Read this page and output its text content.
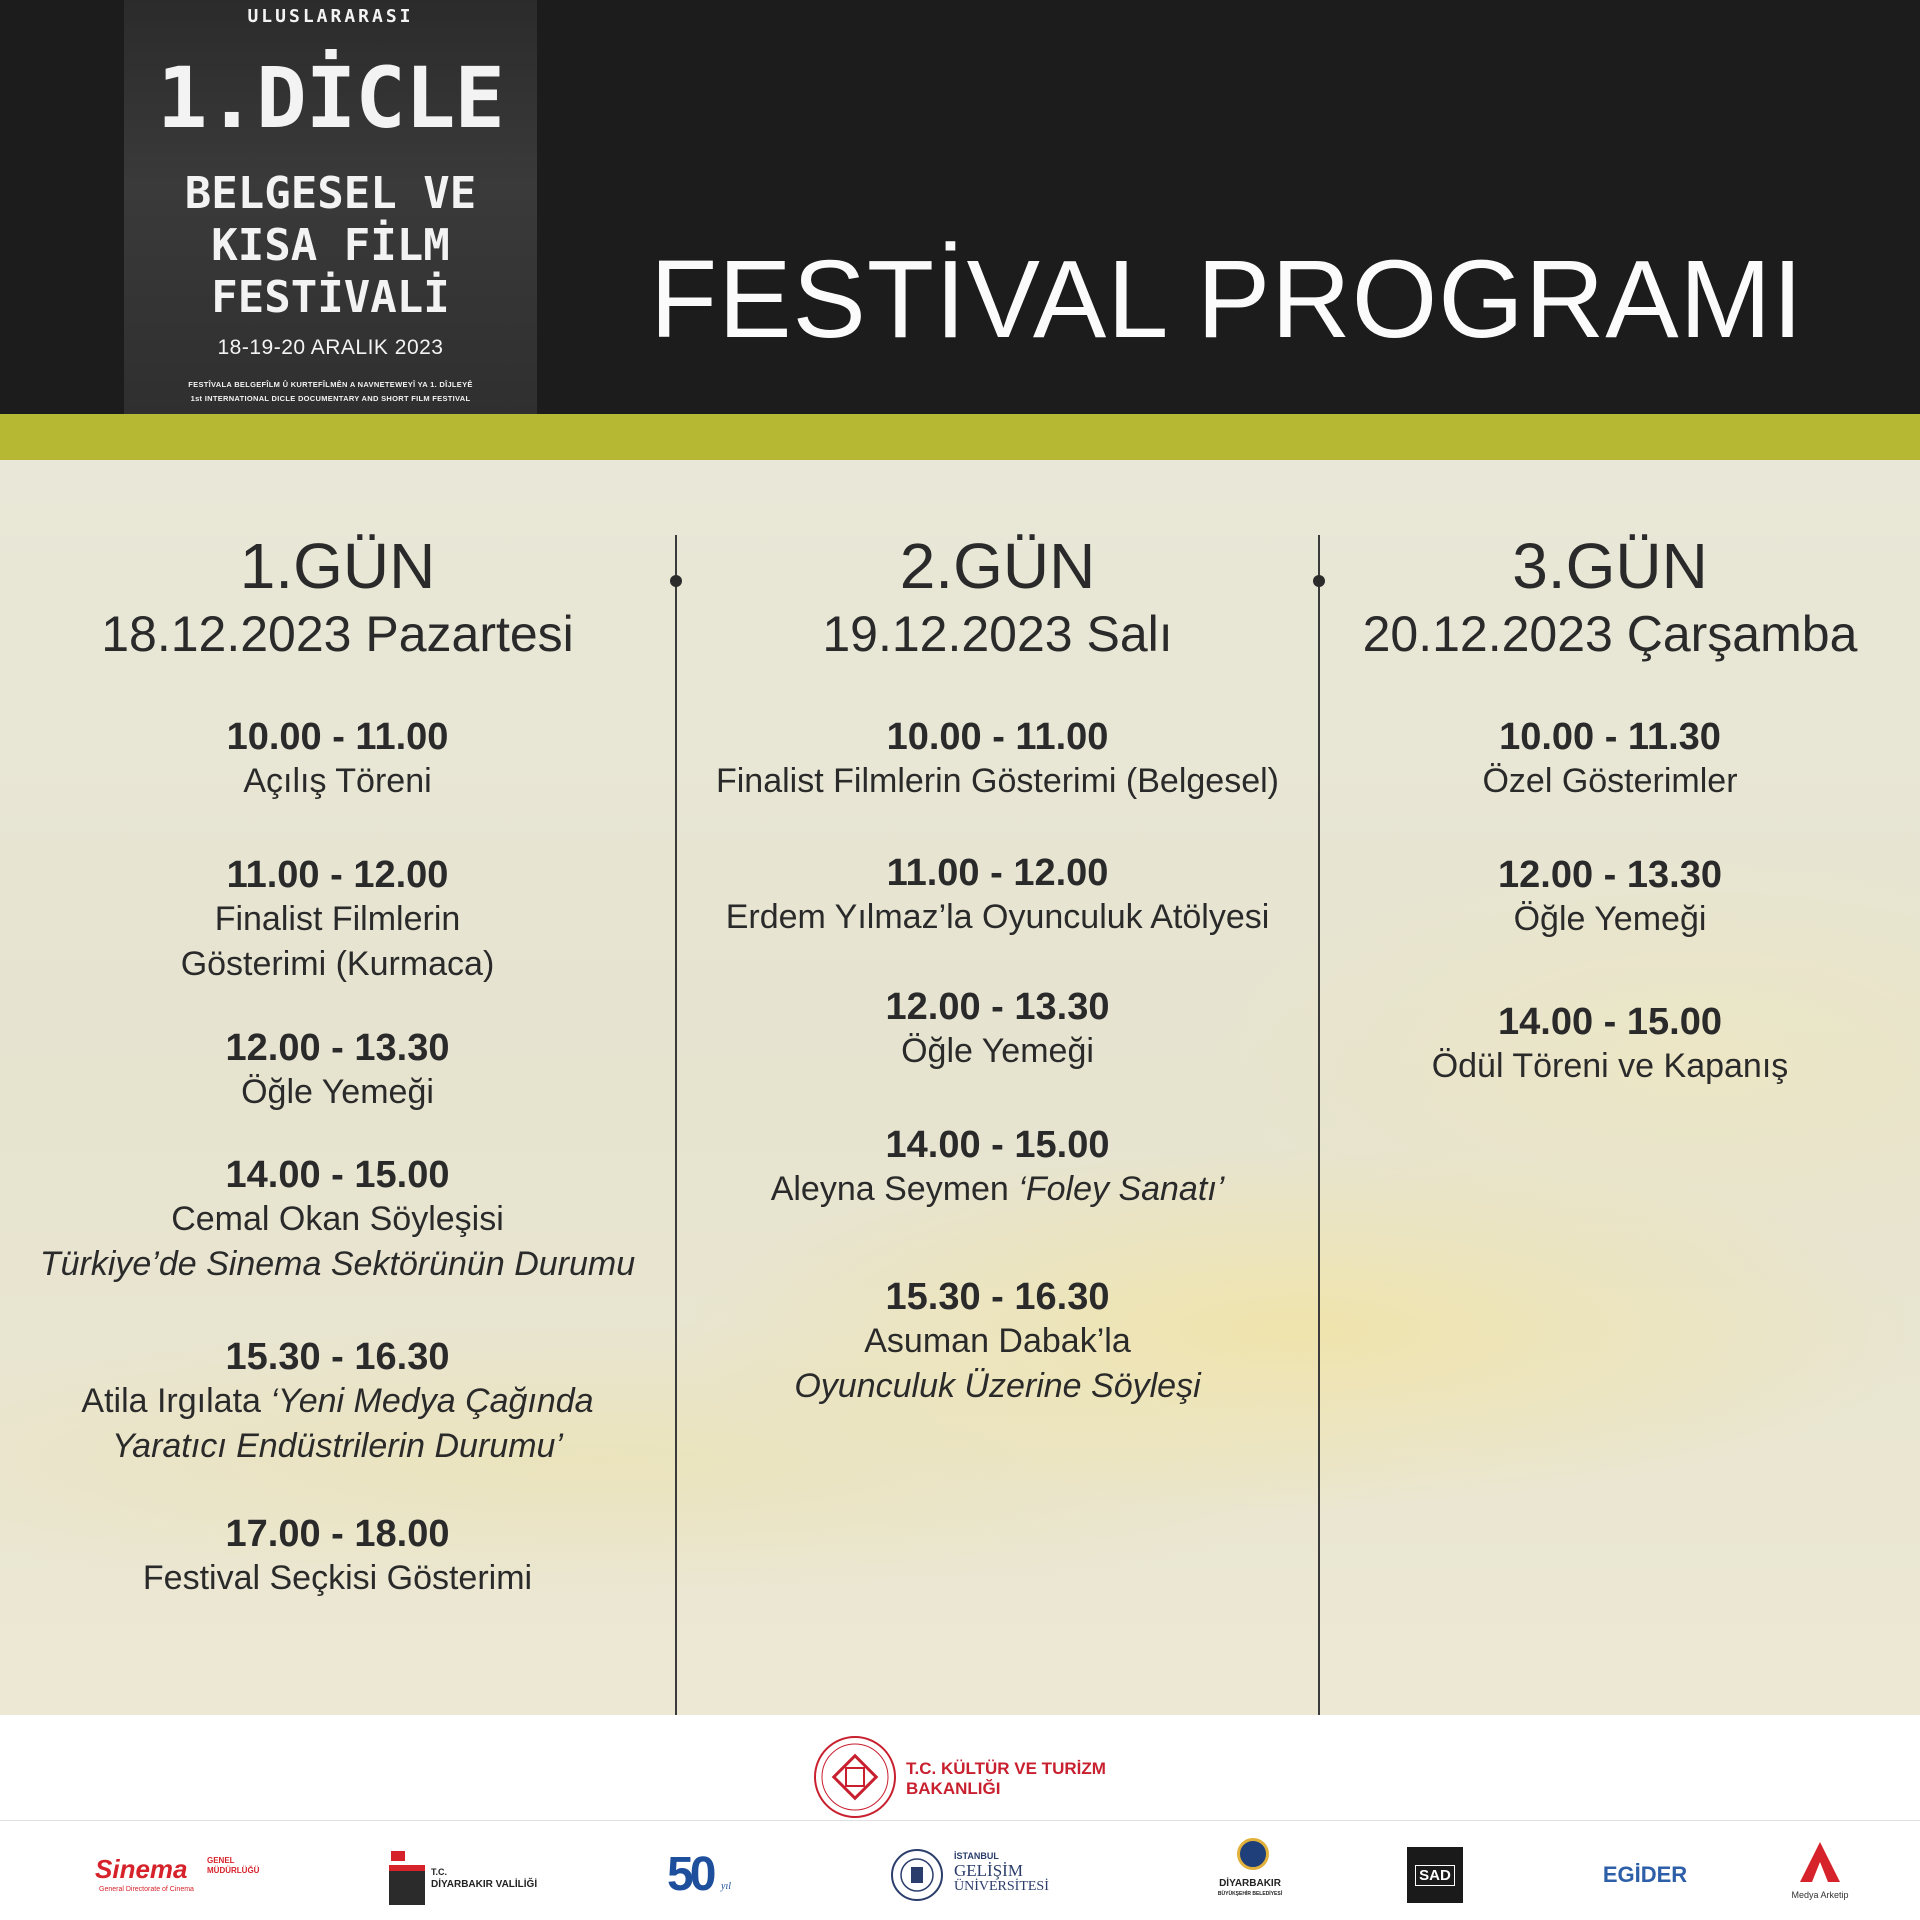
ULUSLARARASI
1.DİCLE
BELGESEL VE
KISA FİLM
FESTİVALİ
18-19-20 ARALIK 2023
FESTÎVALA BELGEFÎLM Û KURTEFÎLMÊN A NAVNETEWEYÎ YA 1. DÎJLEYÊ
1st INTERNATIONAL DICLE DOCUMENTARY AND SHORT FILM FESTIVAL
FESTİVAL PROGRAMI
1.GÜN
18.12.2023 Pazartesi
10.00 - 11.00
Açılış Töreni
11.00 - 12.00
Finalist Filmlerin
Gösterimi (Kurmaca)
12.00 - 13.30
Öğle Yemeği
14.00 - 15.00
Cemal Okan Söyleşisi
Türkiye’de Sinema Sektörünün Durumu
15.30 - 16.30
Atila Irgılata ‘Yeni Medya Çağında
Yaratıcı Endüstrilerin Durumu’
17.00 - 18.00
Festival Seçkisi Gösterimi
2.GÜN
19.12.2023 Salı
10.00 - 11.00
Finalist Filmlerin Gösterimi (Belgesel)
11.00 - 12.00
Erdem Yılmaz’la Oyunculuk Atölyesi
12.00 - 13.30
Öğle Yemeği
14.00 - 15.00
Aleyna Seymen ‘Foley Sanatı’
15.30 - 16.30
Asuman Dabak’la
Oyunculuk Üzerine Söyleşi
3.GÜN
20.12.2023 Çarşamba
10.00 - 11.30
Özel Gösterimler
12.00 - 13.30
Öğle Yemeği
14.00 - 15.00
Ödül Töreni ve Kapanış
T.C. KÜLTÜR VE TURİZM
BAKANLIĞI
Sinema GENEL
MÜDÜRLÜĞÜ
General Directorate of Cinema
T.C.
DİYARBAKIR VALİLİĞİ	50 yıl
İSTANBUL
GELİŞİM
ÜNİVERSİTESİ	DİYARBAKIR
BÜYÜKŞEHİR BELEDİYESİ
SAD	EGİDER
Medya Arketip
